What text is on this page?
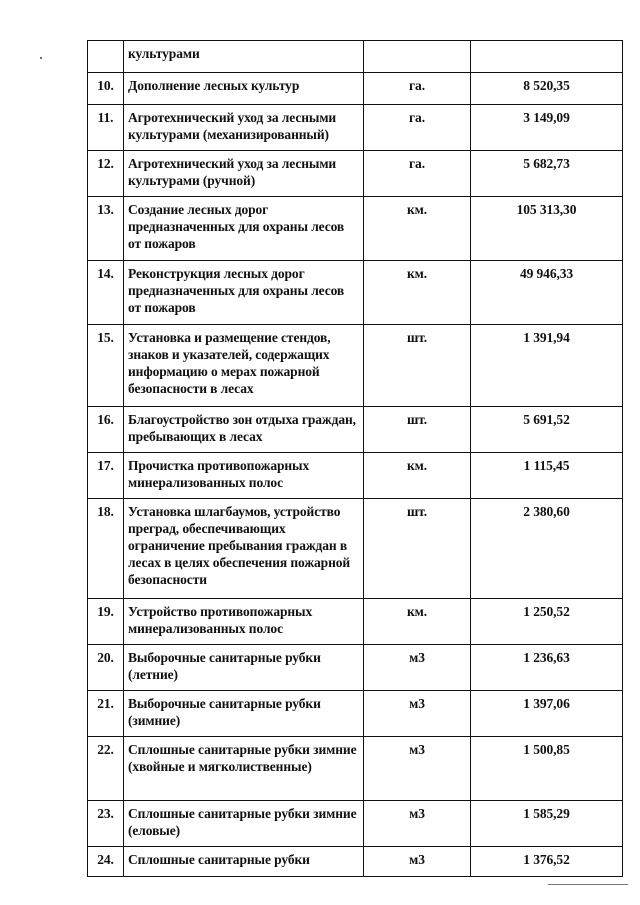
	культурами		
10.	Дополнение лесных культур	га.	8 520,35
11.	Агротехнический уход за лесными культурами (механизированный)	га.	3 149,09
12.	Агротехнический уход за лесными культурами (ручной)	га.	5 682,73
13.	Создание лесных дорог предназначенных для охраны лесов от пожаров	км.	105 313,30
14.	Реконструкция лесных дорог предназначенных для охраны лесов от пожаров	км.	49 946,33
15.	Установка и размещение стендов, знаков и указателей, содержащих информацию о мерах пожарной безопасности в лесах	шт.	1 391,94
16.	Благоустройство зон отдыха граждан, пребывающих в лесах	шт.	5 691,52
17.	Прочистка противопожарных минерализованных полос	км.	1 115,45
18.	Установка шлагбаумов, устройство преград, обеспечивающих ограничение пребывания граждан в лесах в целях обеспечения пожарной безопасности	шт.	2 380,60
19.	Устройство противопожарных минерализованных полос	км.	1 250,52
20.	Выборочные санитарные рубки (летние)	м3	1 236,63
21.	Выборочные санитарные рубки (зимние)	м3	1 397,06
22.	Сплошные санитарные рубки зимние (хвойные и мягколиственные)	м3	1 500,85
23.	Сплошные санитарные рубки зимние (еловые)	м3	1 585,29
24.	Сплошные санитарные рубки	м3	1 376,52
